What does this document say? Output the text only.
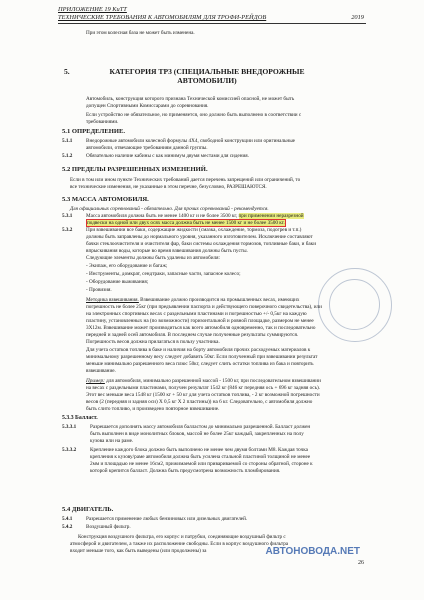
ПРИЛОЖЕНИЕ 19 КиТТ
ТЕХНИЧЕСКИЕ ТРЕБОВАНИЯ К АВТОМОБИЛЯМ ДЛЯ ТРОФИ-РЕЙДОВ	2019
При этом колесная база не может быть изменена.
5.	КАТЕГОРИЯ ТР3 (СПЕЦИАЛЬНЫЕ ВНЕДОРОЖНЫЕ
АВТОМОБИЛИ)
Автомобиль, конструкция которого признана Технической комиссией опасной, не может быть
допущен Спортивными Комиссарами до соревнования.
Если устройство не обязательное, но применяется, оно должно быть выполнено в соответствии с
требованиями.
5.1 ОПРЕДЕЛЕНИЕ.
5.1.1	Внедорожные автомобили колесной формулы 4Х4, свободной конструкции или оригинальные
автомобили, отвечающие требованиям данной группы.
5.1.2	Обязательно наличие кабины с как минимум двумя местами для сидения.
5.2 ПРЕДЕЛЫ РАЗРЕШЕННЫХ ИЗМЕНЕНИЙ.
Если в том или ином пункте Технических требований дается перечень запрещений или ограничений, то
все технические изменения, не указанные в этом перечне, безусловно, РАЗРЕШАЮТСЯ.
5.3 МАССА АВТОМОБИЛЯ.
Для официальных соревнований - обязательно. Для прочих соревнований - рекомендуется.
5.3.1	Масса автомобиля должна быть не менее 1400 кг и не более 3500 кг, при применении неразрезной
подвески на одной или двух осях масса должна быть не менее 1500 кг и не более 3500 кг.
5.3.2	При взвешивании все баки, содержащие жидкости (смазка, охлаждение, тормоза, подогрев и т.п.)
должны быть заправлены до нормального уровня, указанного изготовителем. Исключение составляют
бачки стеклоочистителя и очистителя фар, баки системы охлаждения тормозов, топливные баки, и баки
впрыскивания воды, которые во время взвешивания должны быть пусты.
Следующие элементы должны быть удалены из автомобиля:
- Экипаж, его оборудование и багаж;
- Инструменты, домкрат, сендтраки, запасные части, запасное колесо;
- Оборудование выживания;
- Провизия.
Методика взвешивания. Взвешивание должно производится на промышленных весах, имеющих
погрешность не более 25кг (при предъявлении паспорта и действующего поверочного свидетельства), или
на электронных спортивных весах с раздельными пластинами и погрешностью +/- 0,5кг на каждую
пластину, установленных на (по возможности) горизонтальной и ровной площадке, размером не менее
3Х12м. Взвешивание может производиться как всего автомобиля одновременно, так и последовательно
передней и задней осей автомобиля. В последнем случае полученные результаты суммируются.
Погрешность весов должна прилагаться в пользу участника.
Для учета остатков топлива в баке и наличия на борту автомобиля прочих расходуемых материалов к
минимальному разрешенному весу следует добавить 50кг. Если полученный при взвешивании результат
меньше минимально разрешенного веса плюс 50кг, следует слить остатки топлива из бака и повторить
взвешивание.
Пример: для автомобиля, минимально разрешенной массой - 1500 кг, при последовательном взвешивании
на весах с раздельными пластинами, получен результат 1542 кг (846 кг передняя ось + 696 кг задняя ось).
Этот вес меньше веса 1548 кг (1500 кг + 50 кг для учета остатков топлива, - 2 кг возможной погрешности
весов (2 (передняя и задняя оси) Х 0,5 кг Х 2 пластины)) на 6 кг. Следовательно, с автомобиля должно
быть слито топливо, и произведено повторное взвешивание.
5.3.3 Балласт.
5.3.3.1	Разрешается дополнять массу автомобиля балластом до минимально разрешенной. Балласт должен
быть выполнен в виде монолитных блоков, массой не более 25кг каждый, закрепленных на полу
кузова или на раме.
5.3.3.2	Крепление каждого блока должно быть выполнено не менее чем двумя болтами М8. Каждая точка
крепления к кузову/раме автомобиля должна быть усилена стальной пластиной толщиной не менее
2мм и площадью не менее 16см2, прижимаемой или привариваемой со стороны обратной, стороне к
которой крепится балласт. Должна быть предусмотрена возможность пломбирования.
5.4 ДВИГАТЕЛЬ.
5.4.1	Разрешается применение любых бензиновых или дизельных двигателей.
5.4.2	Воздушный фильтр.
Конструкция воздушного фильтра, его корпус и патрубки, соединяющие воздушный фильтр с
атмосферой и двигателем, а также их расположение свободны. Если в корпус воздушного фильтра
входит меньше того, как быть выведены (или продолжены) за	АВТОНОВОДА.NET
26
